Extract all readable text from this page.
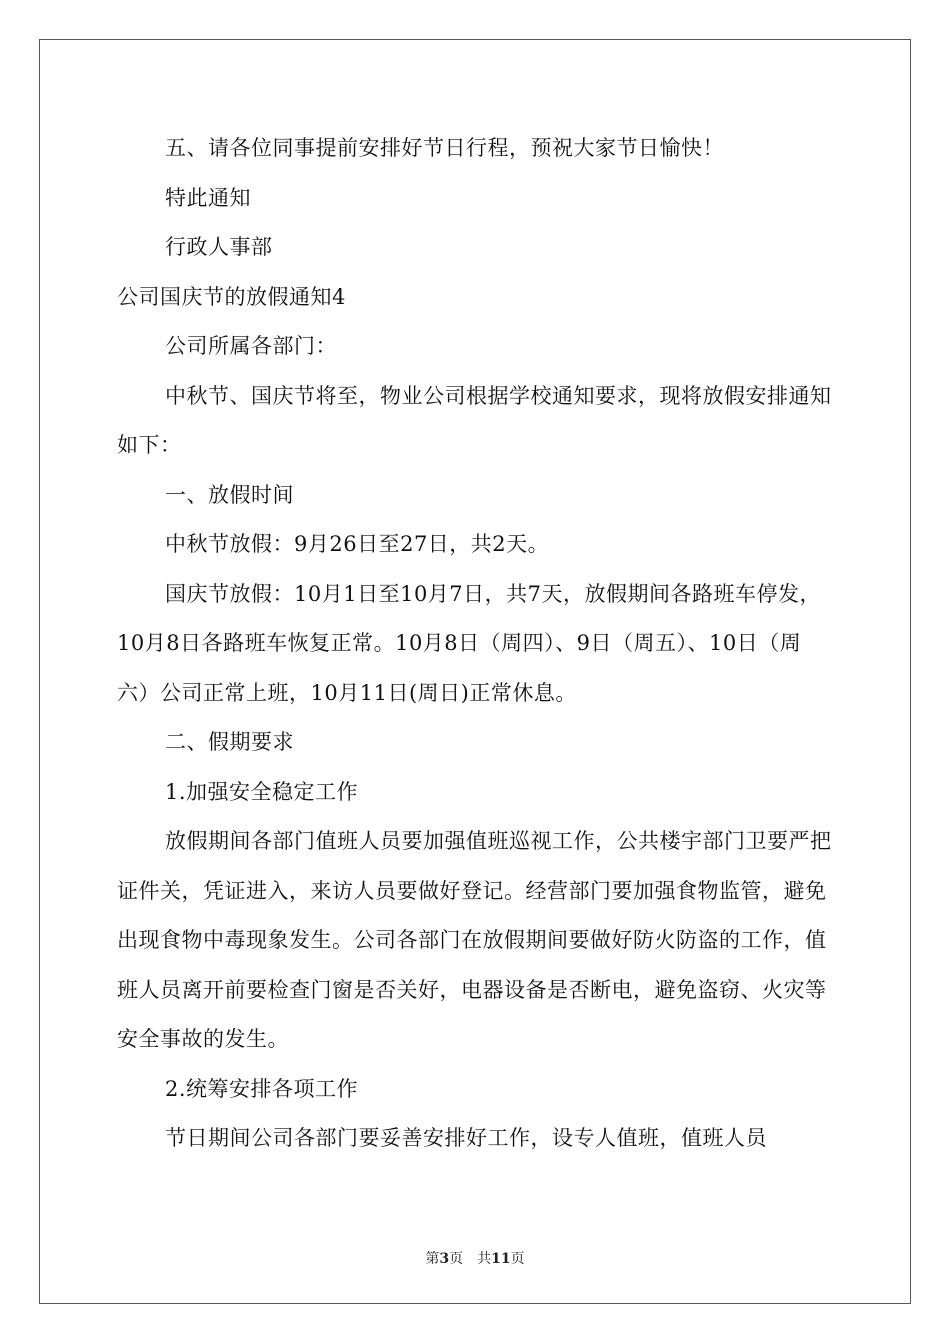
五、请各位同事提前安排好节日行程，预祝大家节日愉快！

特此通知

行政人事部

公司国庆节的放假通知4

公司所属各部门：

中秋节、国庆节将至，物业公司根据学校通知要求，现将放假安排通知如下：

一、放假时间

中秋节放假：9月26日至27日，共2天。

国庆节放假：10月1日至10月7日，共7天，放假期间各路班车停发，10月8日各路班车恢复正常。10月8日（周四）、9日（周五）、10日（周六）公司正常上班，10月11日(周日)正常休息。

二、假期要求

1.加强安全稳定工作

放假期间各部门值班人员要加强值班巡视工作，公共楼宇部门卫要严把证件关，凭证进入，来访人员要做好登记。经营部门要加强食物监管，避免出现食物中毒现象发生。公司各部门在放假期间要做好防火防盗的工作，值班人员离开前要检查门窗是否关好，电器设备是否断电，避免盗窃、火灾等安全事故的发生。

2.统筹安排各项工作

节日期间公司各部门要妥善安排好工作，设专人值班，值班人员

第3页 共11页
